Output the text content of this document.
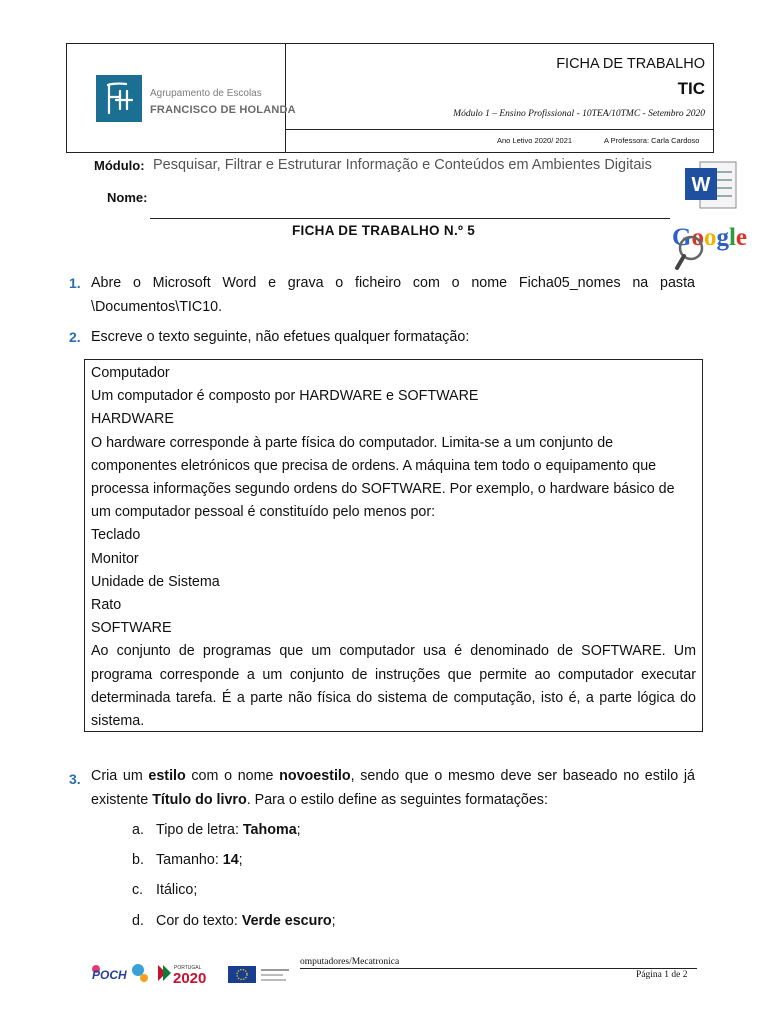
Agrupamento de Escolas
FRANCISCO DE HOLANDA
FICHA DE TRABALHO
TIC
Módulo 1 – Ensino Profissional - 10TEA/10TMC - Setembro 2020
Ano Letivo 2020/ 2021	A Professora: Carla Cardoso
W
Google
Módulo: Pesquisar, Filtrar e Estruturar Informação e Conteúdos em Ambientes Digitais
Nome:
FICHA DE TRABALHO N.º 5
1. Abre o Microsoft Word e grava o ficheiro com o nome Ficha05_nomes na pasta \Documentos\TIC10.
2. Escreve o texto seguinte, não efetues qualquer formatação:
Computador
Um computador é composto por HARDWARE e SOFTWARE
HARDWARE
O hardware corresponde à parte física do computador. Limita-se a um conjunto de componentes eletrónicos que precisa de ordens. A máquina tem todo o equipamento que processa informações segundo ordens do SOFTWARE. Por exemplo, o hardware básico de um computador pessoal é constituído pelo menos por:
Teclado
Monitor
Unidade de Sistema
Rato
SOFTWARE
Ao conjunto de programas que um computador usa é denominado de SOFTWARE. Um programa corresponde a um conjunto de instruções que permite ao computador executar determinada tarefa. É a parte não física do sistema de computação, isto é, a parte lógica do sistema.
3. Cria um estilo com o nome novoestilo, sendo que o mesmo deve ser baseado no estilo já existente Título do livro. Para o estilo define as seguintes formatações:
a. Tipo de letra: Tahoma;
b. Tamanho: 14;
c. Itálico;
d. Cor do texto: Verde escuro;
POCH	PORTUGAL
2020
omputadores/Mecatronica
Página 1 de 2
